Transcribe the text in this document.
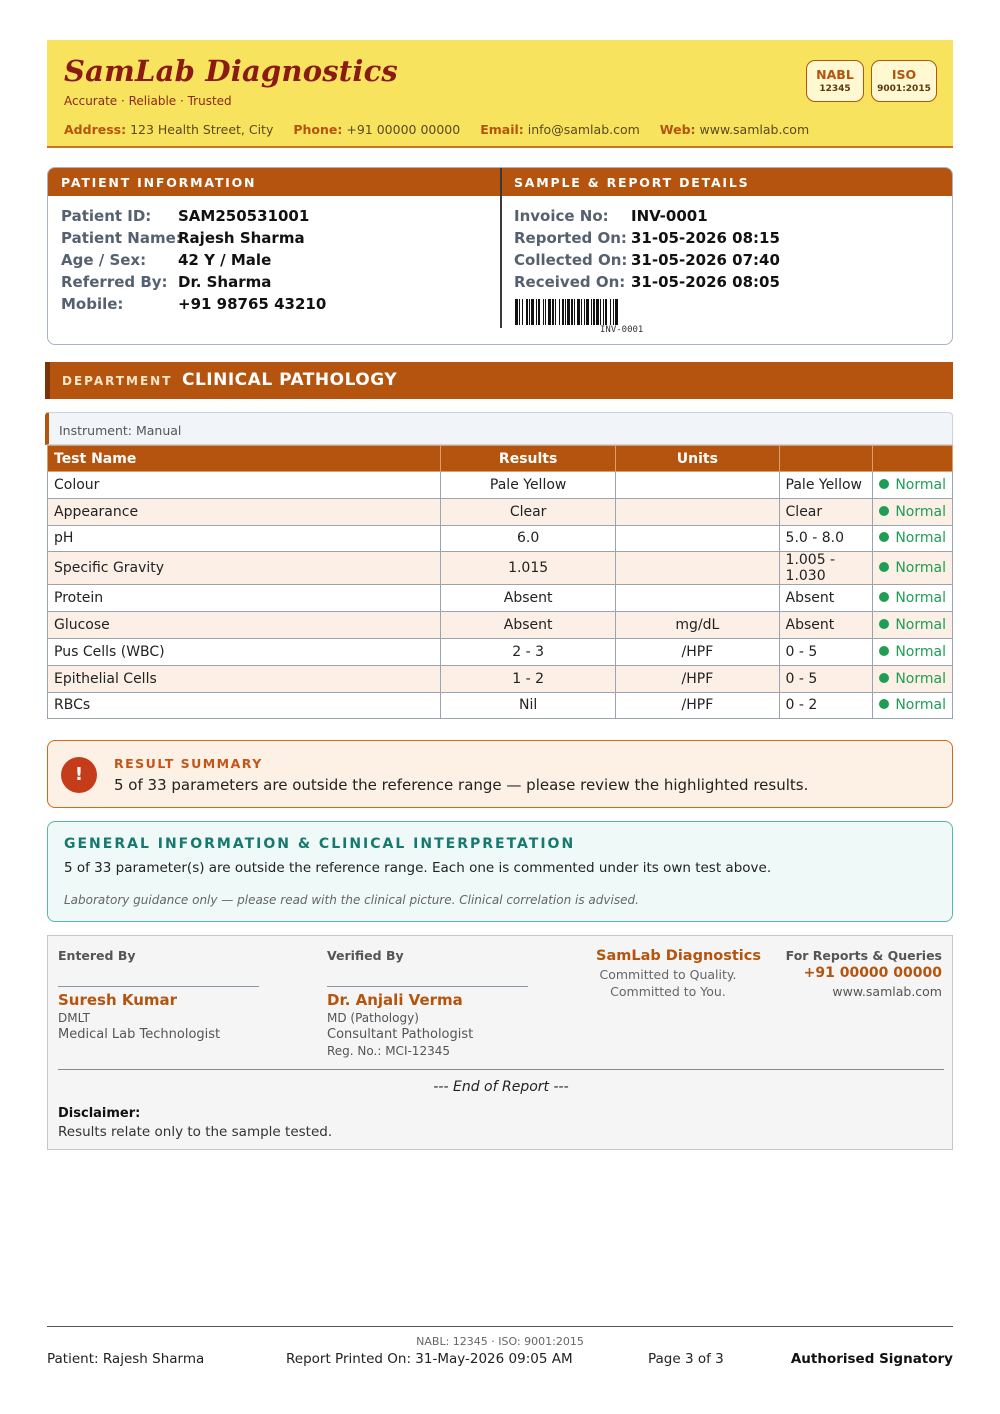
SamLab Diagnostics
Accurate · Reliable · Trusted
Address: 123 Health Street, City Phone: +91 00000 00000 Email: info@samlab.com Web: www.samlab.com
NABL
12345
ISO
9001:2015
PATIENT INFORMATION	SAMPLE & REPORT DETAILS
Patient ID: SAM250531001
Patient Name:
Rajesh Sharma
Age / Sex: 42 Y / Male
Referred By: Dr. Sharma
Mobile:	+91 98765 43210
Invoice No: INV-0001
Reported On: 31-05-2026 08:15
Collected On: 31-05-2026 07:40
Received On: 31-05-2026 08:05
INV-0001
DEPARTMENT CLINICAL PATHOLOGY
Instrument: Manual
Test Name	Results	Units		
Colour	Pale Yellow		Pale Yellow	Normal
Appearance	Clear		Clear	Normal
pH	6.0		5.0 - 8.0	Normal
Specific Gravity	1.015		1.005 - 1.030	Normal
Protein	Absent		Absent	Normal
Glucose	Absent	mg/dL	Absent	Normal
Pus Cells (WBC)	2 - 3	/HPF	0 - 5	Normal
Epithelial Cells	1 - 2	/HPF	0 - 5	Normal
RBCs	Nil	/HPF	0 - 2	Normal
!
RESULT SUMMARY
5 of 33 parameters are outside the reference range — please review the highlighted results.
GENERAL INFORMATION & CLINICAL INTERPRETATION
5 of 33 parameter(s) are outside the reference range. Each one is commented under its own test above.
Laboratory guidance only — please read with the clinical picture. Clinical correlation is advised.
Entered By
Suresh Kumar
DMLT
Medical Lab Technologist
Verified By
Dr. Anjali Verma
MD (Pathology)
Consultant Pathologist
Reg. No.: MCI-12345
SamLab Diagnostics
Committed to Quality.
Committed to You.
For Reports & Queries
+91 00000 00000
www.samlab.com
--- End of Report ---
Disclaimer:
Results relate only to the sample tested.
NABL: 12345 · ISO: 9001:2015
Patient: Rajesh Sharma	Report Printed On: 31-May-2026 09:05 AM	Page 3 of 3	Authorised Signatory
